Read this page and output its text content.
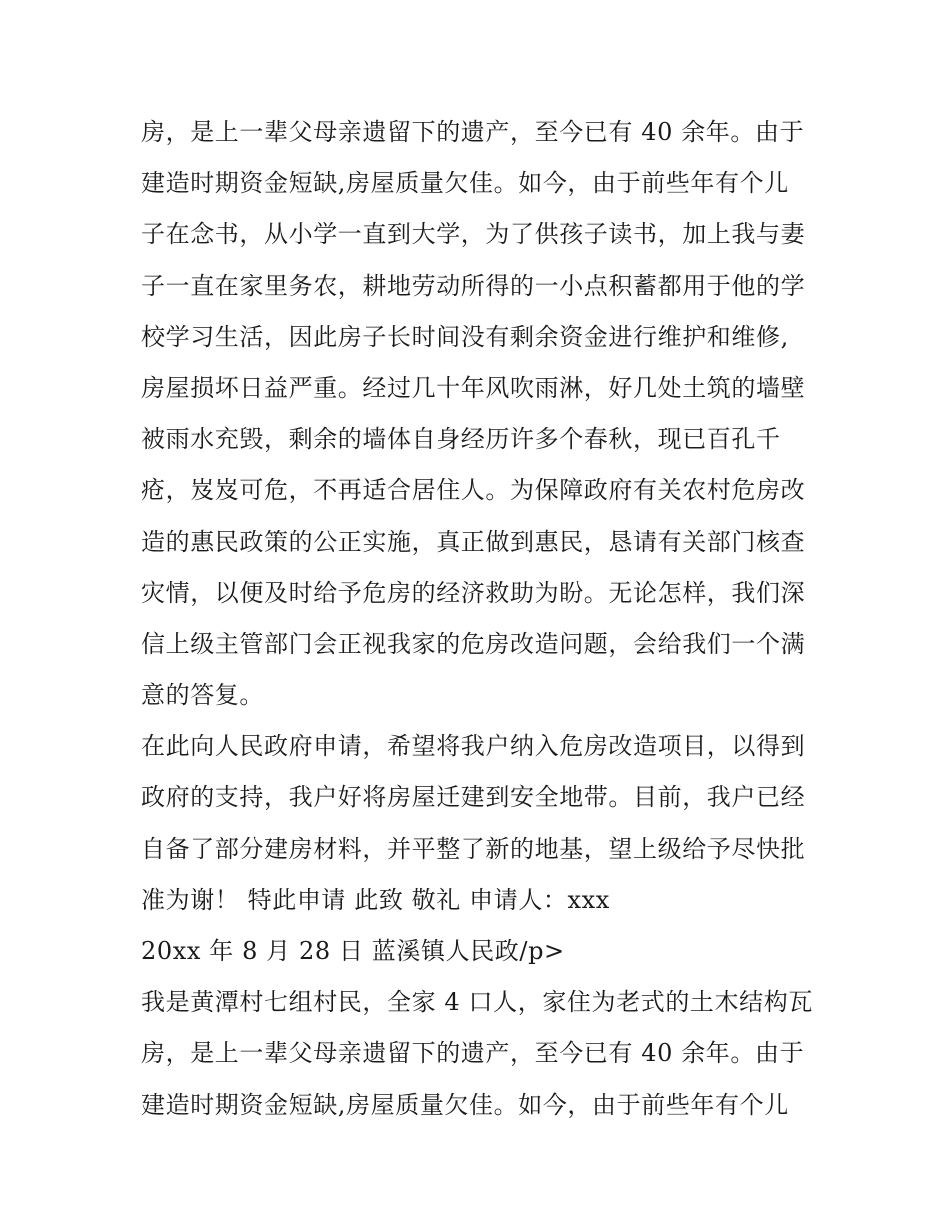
房，是上一辈父母亲遗留下的遗产，至今已有 40 余年。由于
建造时期资金短缺,房屋质量欠佳。如今，由于前些年有个儿
子在念书，从小学一直到大学，为了供孩子读书，加上我与妻
子一直在家里务农，耕地劳动所得的一小点积蓄都用于他的学
校学习生活，因此房子长时间没有剩余资金进行维护和维修,
房屋损坏日益严重。经过几十年风吹雨淋，好几处土筑的墙壁
被雨水充毁，剩余的墙体自身经历许多个春秋，现已百孔千
疮，岌岌可危，不再适合居住人。为保障政府有关农村危房改
造的惠民政策的公正实施，真正做到惠民，恳请有关部门核查
灾情，以便及时给予危房的经济救助为盼。无论怎样，我们深
信上级主管部门会正视我家的危房改造问题，会给我们一个满
意的答复。
在此向人民政府申请，希望将我户纳入危房改造项目，以得到
政府的支持，我户好将房屋迁建到安全地带。目前，我户已经
自备了部分建房材料，并平整了新的地基，望上级给予尽快批
准为谢！ 特此申请 此致 敬礼 申请人：xxx
20xx 年 8 月 28 日 蓝溪镇人民政/p>
我是黄潭村七组村民，全家 4 口人，家住为老式的土木结构瓦
房，是上一辈父母亲遗留下的遗产，至今已有 40 余年。由于
建造时期资金短缺,房屋质量欠佳。如今，由于前些年有个儿
